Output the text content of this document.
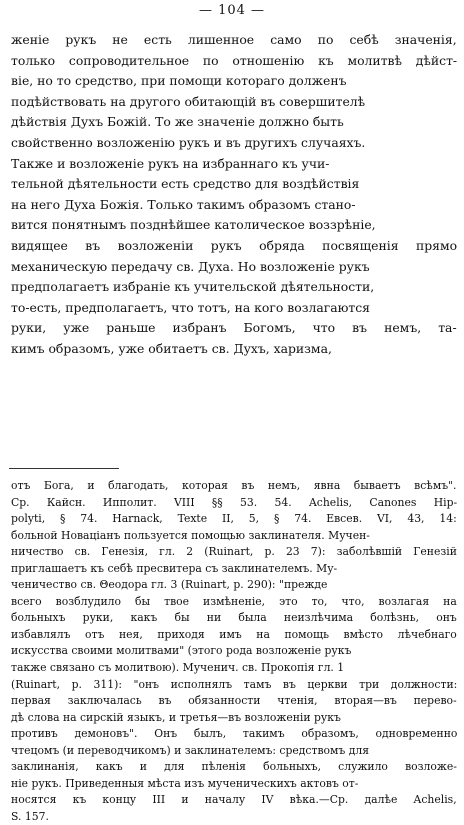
— 104 —
женіе рукъ не есть лишенное само по себѣ значенія,
только сопроводительное по отношенію къ молитвѣ дѣйст-
віе, но то средство, при помощи котораго долженъ
подѣйствовать на другого обитающій въ совершителѣ
дѣйствія Духъ Божій. То же значеніе должно быть
свойственно возложенію рукъ и въ другихъ случаяхъ.
Также и возложеніе рукъ на избраннаго къ учи-
тельной дѣятельности есть средство для воздѣйствія
на него Духа Божія. Только такимъ образомъ стано-
вится понятнымъ позднѣйшее католическое воззрѣніе,
видящее въ возложеніи рукъ обряда посвященія прямо
механическую передачу св. Духа. Но возложеніе рукъ
предполагаетъ избраніе къ учительской дѣятельности,
то-есть, предполагаетъ, что тотъ, на кого возлагаются
руки, уже раньше избранъ Богомъ, что въ немъ, та-
кимъ образомъ, уже обитаетъ св. Духъ, харизма,
отъ Бога, и благодать, которая въ немъ, явна бываетъ всѣмъ".
Ср. Кайсн. Ипполит. VIII §§ 53. 54. Achelis, Canones Hip-
polyti, § 74. Harnack, Texte II, 5, § 74. Евсев. VI, 43, 14:
больной Новаціанъ пользуется помощью заклинателя. Мучен-
ничество св. Генезія, гл. 2 (Ruinart, p. 23 7): заболѣвшій Генезій
приглашаетъ къ себѣ пресвитера съ заклинателемъ. Му-
ченичество св. Θеодора гл. 3 (Ruinart, p. 290): "прежде
всего возблудило бы твое измѣненіе, это то, что, возлагая на
больныхъ руки, какъ бы ни была неизлѣчима болѣзнь, онъ
избавлялъ отъ нея, приходя имъ на помощь вмѣсто лѣчебнаго
искусства своими молитвами" (этого рода возложеніе рукъ
также связано съ молитвою). Мученич. св. Прокопія гл. 1
(Ruinart, p. 311): "онъ исполнялъ тамъ въ церкви три должности:
первая заключалась въ обязанности чтенія, вторая—въ перево-
дѣ слова на сирскій языкъ, и третья—въ возложеніи рукъ
противъ демоновъ". Онъ былъ, такимъ образомъ, одновременно
чтецомъ (и переводчикомъ) и заклинателемъ: средствомъ для
заклинанія, какъ и для пѣленія больныхъ, служило возложе-
ніе рукъ. Приведенныя мѣста изъ мученическихъ актовъ от-
носятся къ концу III и началу IV вѣка.—Ср. далѣе Achelis,
S. 157.
